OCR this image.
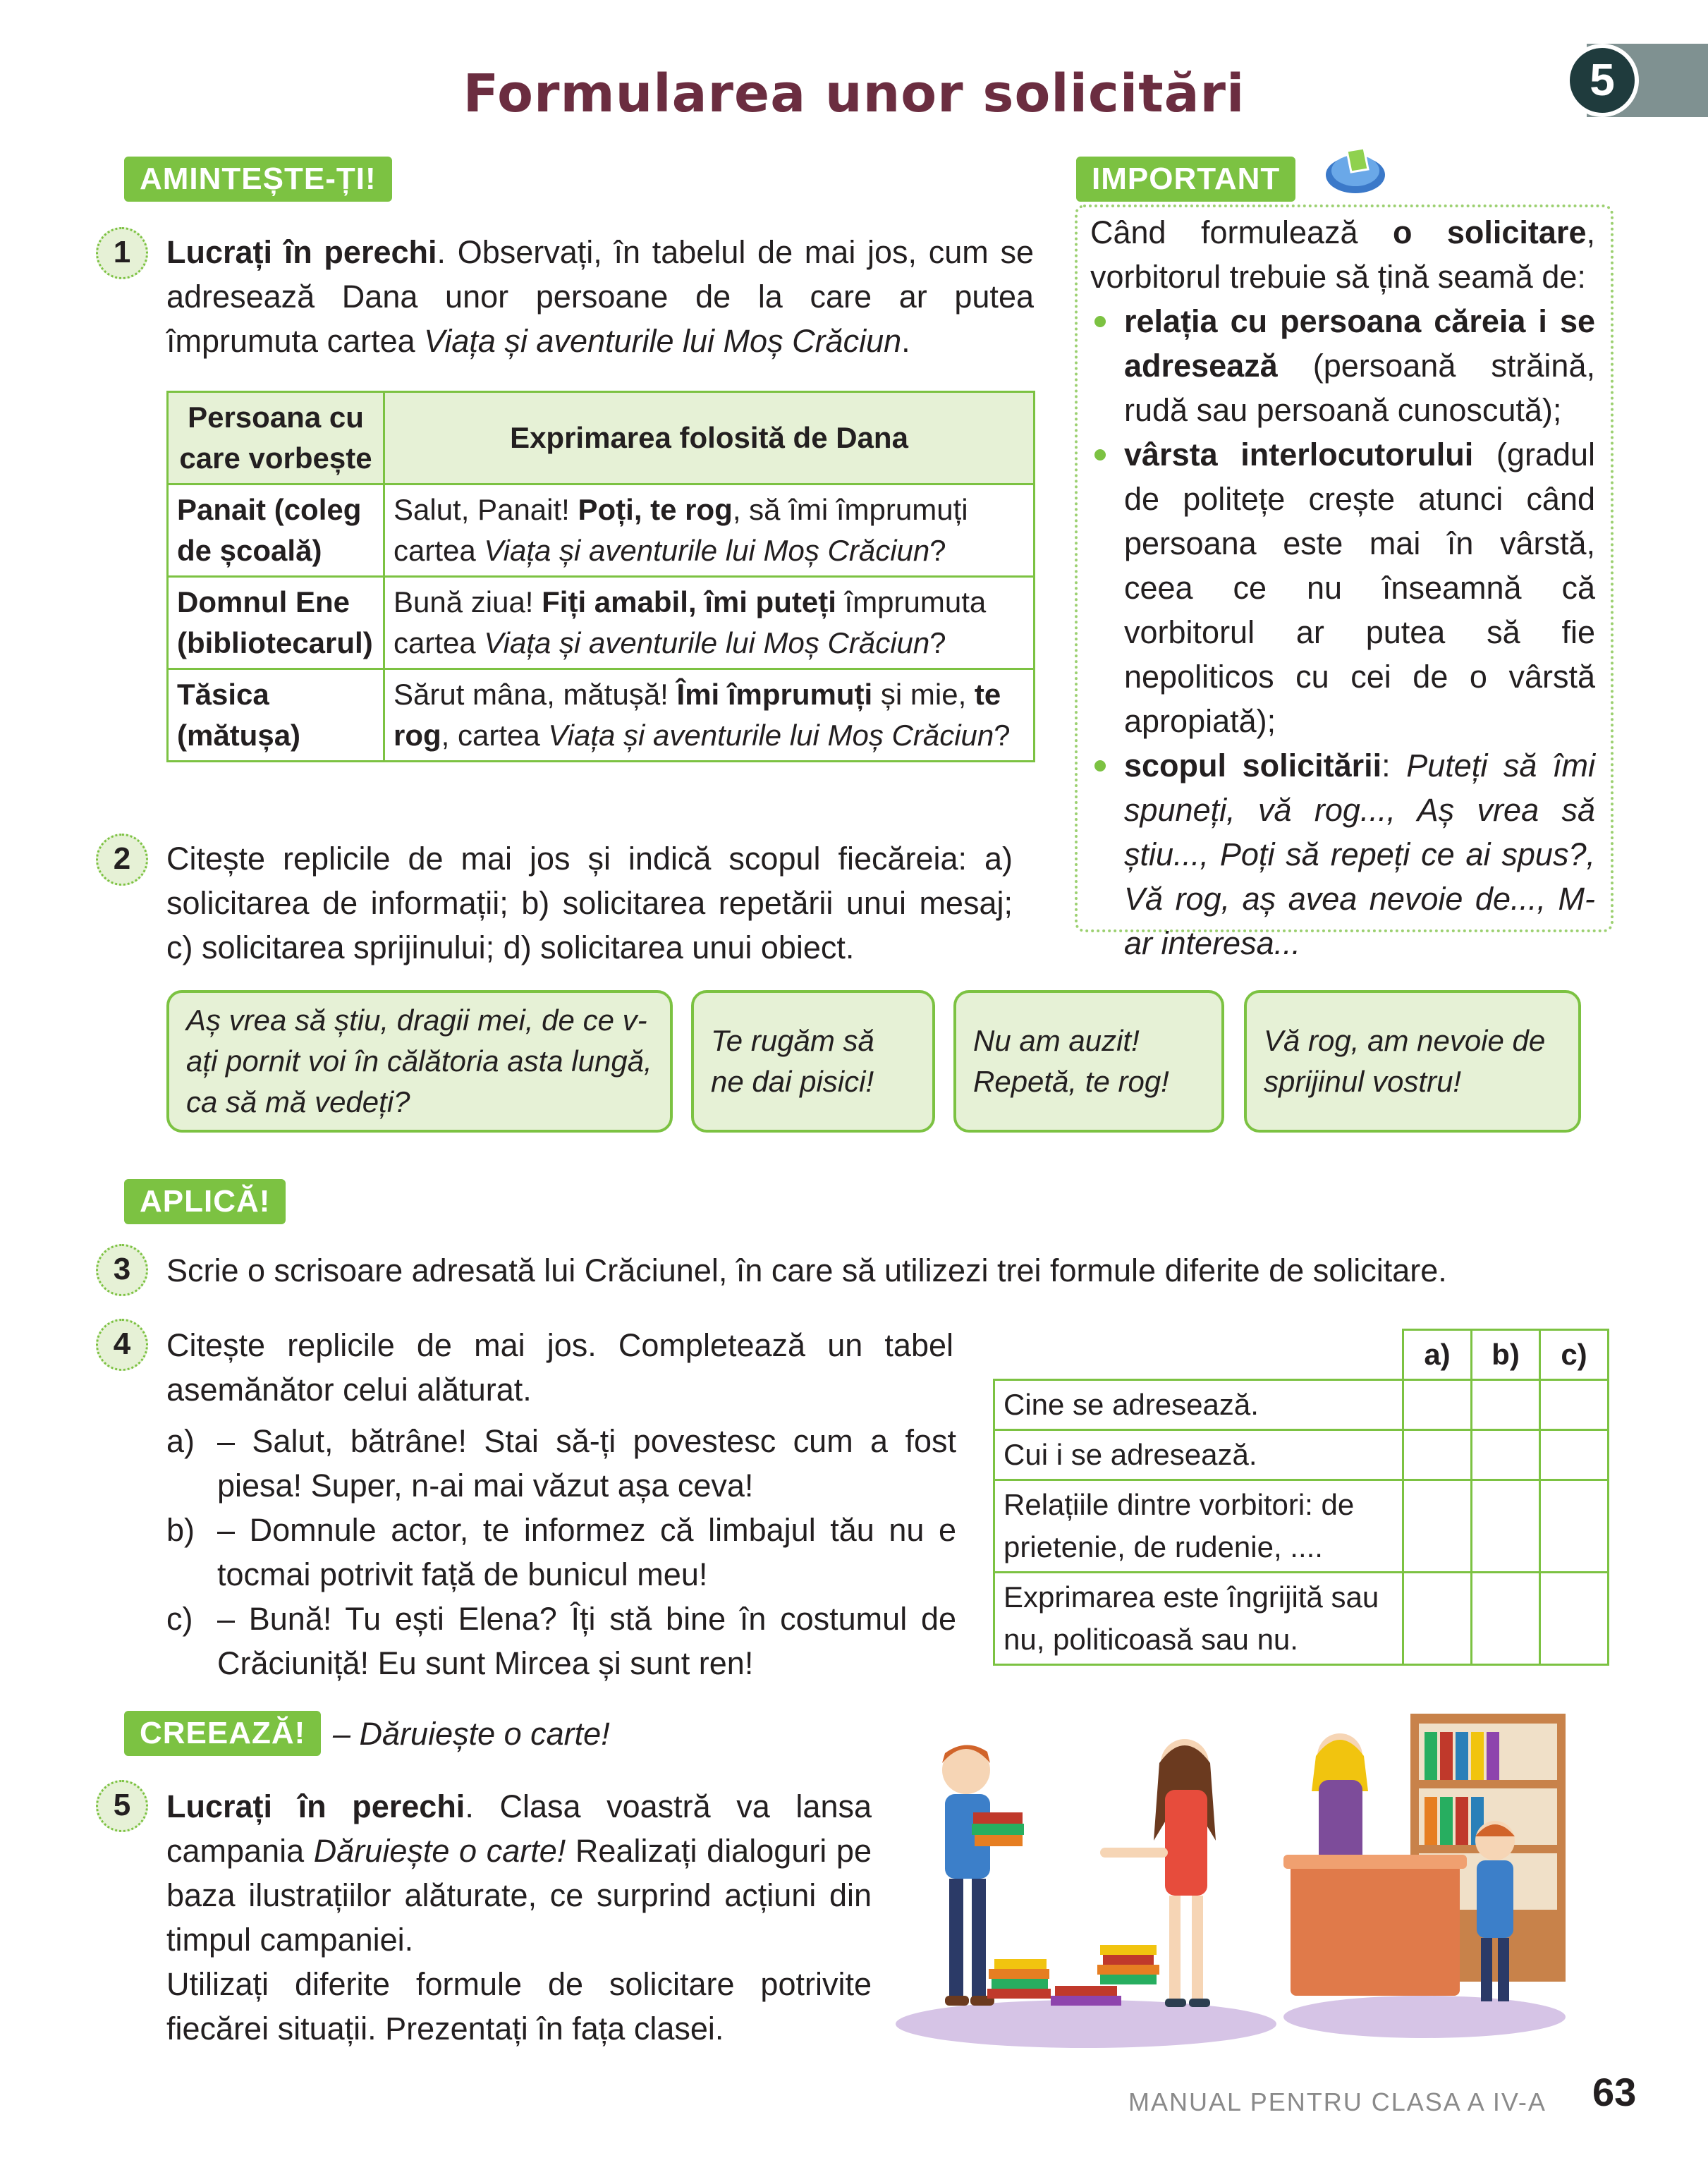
Formularea unor solicitări	5
AMINTEȘTE-ȚI!
1	Lucrați în perechi. Observați, în tabelul de mai jos, cum se adresează Dana unor persoane de la care ar putea împrumuta cartea Viața și aventurile lui Moș Crăciun.
Persoana cu care vorbește	Exprimarea folosită de Dana
Panait (coleg de școală)	Salut, Panait! Poți, te rog, să îmi împrumuți cartea Viața și aventurile lui Moș Crăciun?
Domnul Ene (bibliotecarul)	Bună ziua! Fiți amabil, îmi puteți împrumuta cartea Viața și aventurile lui Moș Crăciun?
Tăsica (mătușa)	Sărut mâna, mătușă! Îmi împrumuți și mie, te rog, cartea Viața și aventurile lui Moș Crăciun?
IMPORTANT

Când formulează o solicitare, vorbitorul trebuie să țină seamă de:

relația cu persoana căreia i se adresează (persoană străină, rudă sau persoană cunoscută);
vârsta interlocutorului (gradul de politețe crește atunci când persoana este mai în vârstă, ceea ce nu înseamnă că vorbitorul ar putea să fie nepoliticos cu cei de o vârstă apropiată);
scopul solicitării: Puteți să îmi spuneți, vă rog..., Aș vrea să știu..., Poți să repeți ce ai spus?, Vă rog, aș avea nevoie de..., M-ar interesa...
2	Citește replicile de mai jos și indică scopul fiecăreia: a) solicitarea de informații; b) solicitarea repetării unui mesaj; c) solicitarea sprijinului; d) solicitarea unui obiect.
Aș vrea să știu, dragii mei, de ce v-ați pornit voi în călătoria asta lungă, ca să mă vedeți?
Te rugăm să ne dai pisici!
Nu am auzit! Repetă, te rog!
Vă rog, am nevoie de sprijinul vostru!
APLICĂ!
3	Scrie o scrisoare adresată lui Crăciunel, în care să utilizezi trei formule diferite de solicitare.
4	Citește replicile de mai jos. Completează un tabel asemănător celui alăturat.
a) – Salut, bătrâne! Stai să-ți povestesc cum a fost piesa! Super, n-ai mai văzut așa ceva!
b) – Domnule actor, te informez că limbajul tău nu e tocmai potrivit față de bunicul meu!
c) – Bună! Tu ești Elena? Îți stă bine în costumul de Crăciuniță! Eu sunt Mircea și sunt ren!
	a)	b)	c)
Cine se adresează.			
Cui i se adresează.			
Relațiile dintre vorbitori: de prietenie, de rudenie, ....			
Exprimarea este îngrijită sau nu, politicoasă sau nu.			
CREEAZĂ! – Dăruiește o carte!
5	Lucrați în perechi. Clasa voastră va lansa campania Dăruiește o carte! Realizați dialoguri pe baza ilustrațiilor alăturate, ce surprind acțiuni din timpul campaniei.
Utilizați diferite formule de solicitare potrivite fiecărei situații. Prezentați în fața clasei.
MANUAL PENTRU CLASA A IV-A 63
